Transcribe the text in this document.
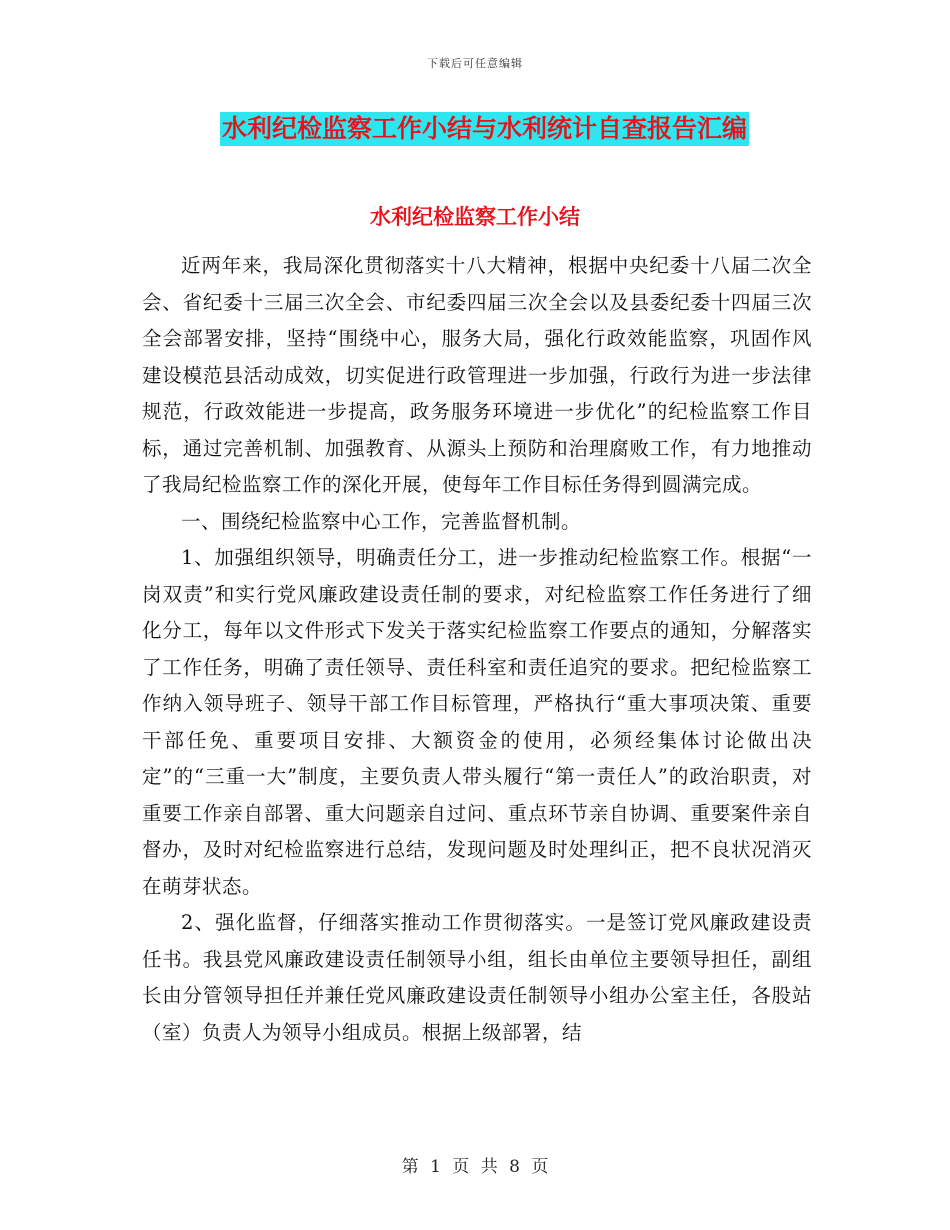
下载后可任意编辑
水利纪检监察工作小结与水利统计自查报告汇编
水利纪检监察工作小结

近两年来，我局深化贯彻落实十八大精神，根据中央纪委十八届二次全会、省纪委十三届三次全会、市纪委四届三次全会以及县委纪委十四届三次全会部署安排，坚持“围绕中心，服务大局，强化行政效能监察，巩固作风建设模范县活动成效，切实促进行政管理进一步加强，行政行为进一步法律规范，行政效能进一步提高，政务服务环境进一步优化”的纪检监察工作目标，通过完善机制、加强教育、从源头上预防和治理腐败工作，有力地推动了我局纪检监察工作的深化开展，使每年工作目标任务得到圆满完成。

一、围绕纪检监察中心工作，完善监督机制。

1、加强组织领导，明确责任分工，进一步推动纪检监察工作。根据“一岗双责”和实行党风廉政建设责任制的要求，对纪检监察工作任务进行了细化分工，每年以文件形式下发关于落实纪检监察工作要点的通知，分解落实了工作任务，明确了责任领导、责任科室和责任追究的要求。把纪检监察工作纳入领导班子、领导干部工作目标管理，严格执行“重大事项决策、重要干部任免、重要项目安排、大额资金的使用，必须经集体讨论做出决定”的“三重一大”制度，主要负责人带头履行“第一责任人”的政治职责，对重要工作亲自部署、重大问题亲自过问、重点环节亲自协调、重要案件亲自督办，及时对纪检监察进行总结，发现问题及时处理纠正，把不良状况消灭在萌芽状态。

2、强化监督，仔细落实推动工作贯彻落实。一是签订党风廉政建设责任书。我县党风廉政建设责任制领导小组，组长由单位主要领导担任，副组长由分管领导担任并兼任党风廉政建设责任制领导小组办公室主任，各股站（室）负责人为领导小组成员。根据上级部署，结

第 1 页 共 8 页
